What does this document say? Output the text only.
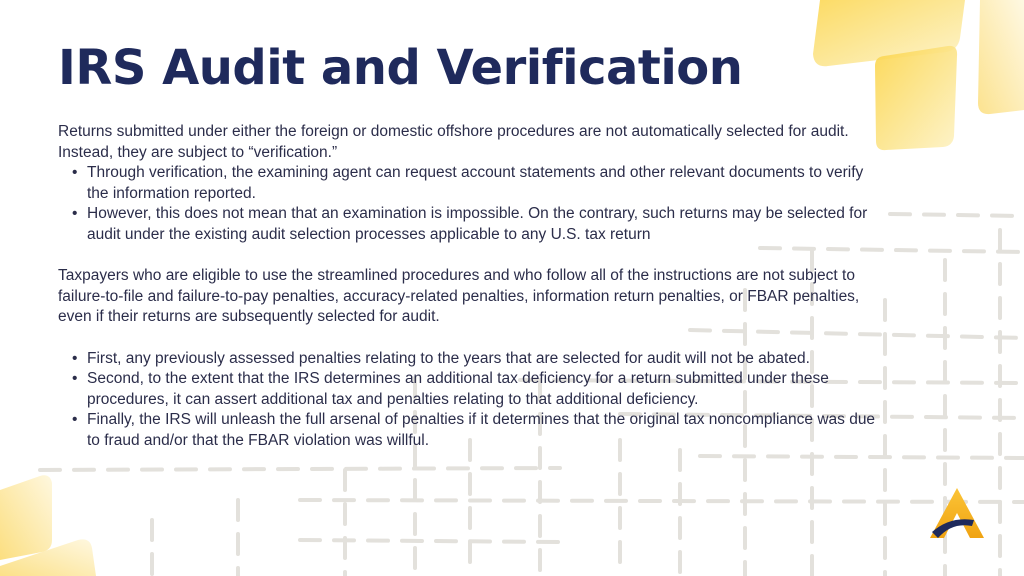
IRS Audit and Verification

Returns submitted under either the foreign or domestic offshore procedures are not automatically selected for audit. Instead, they are subject to “verification.”

• Through verification, the examining agent can request account statements and other relevant documents to verify the information reported.
• However, this does not mean that an examination is impossible. On the contrary, such returns may be selected for audit under the existing audit selection processes applicable to any U.S. tax return

Taxpayers who are eligible to use the streamlined procedures and who follow all of the instructions are not subject to failure-to-file and failure-to-pay penalties, accuracy-related penalties, information return penalties, or FBAR penalties, even if their returns are subsequently selected for audit.

• First, any previously assessed penalties relating to the years that are selected for audit will not be abated.
• Second, to the extent that the IRS determines an additional tax deficiency for a return submitted under these procedures, it can assert additional tax and penalties relating to that additional deficiency.
• Finally, the IRS will unleash the full arsenal of penalties if it determines that the original tax noncompliance was due to fraud and/or that the FBAR violation was willful.
